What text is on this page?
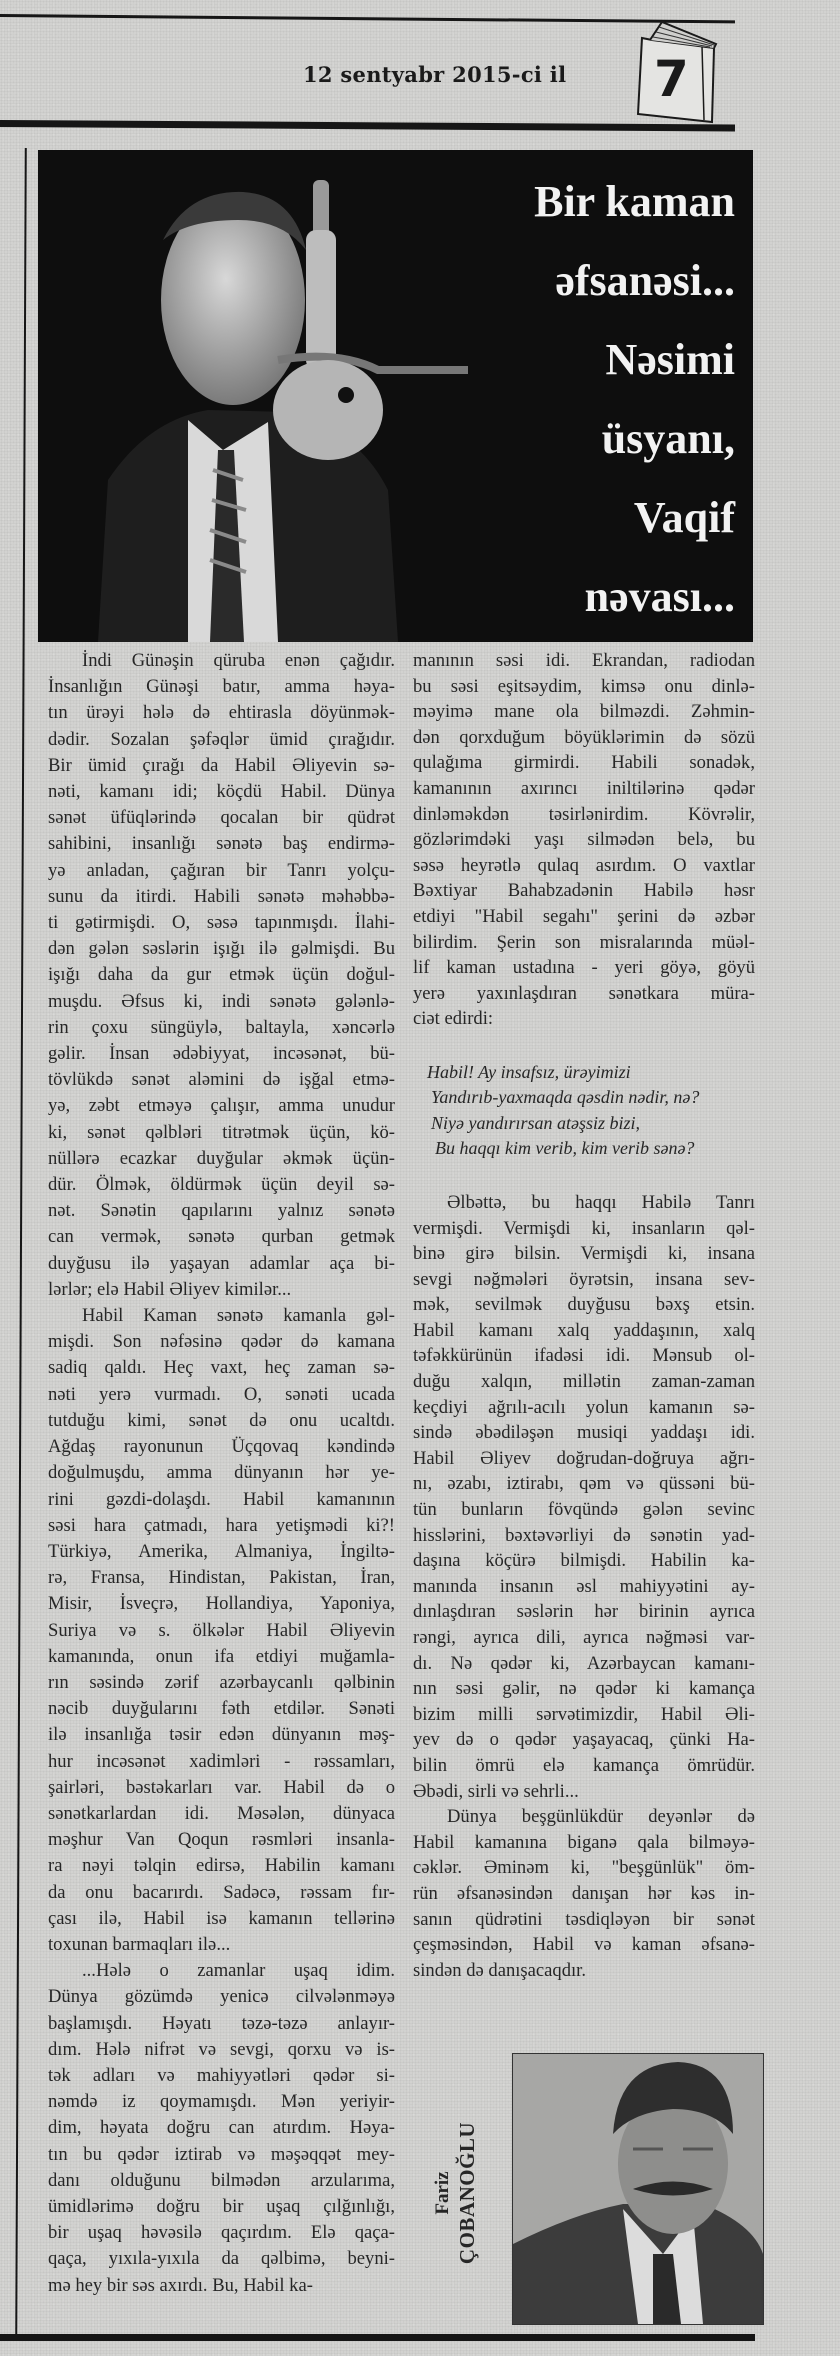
12 sentyabr 2015-ci il 7
Bir kaman
əfsanəsi...
Nəsimi
üsyanı,
Vaqif
nəvası...
İndi Günəşin qüruba enən çağıdır.
İnsanlığın Günəşi batır, amma həya-
tın ürəyi hələ də ehtirasla döyünmək-
dədir. Sozalan şəfəqlər ümid çırağıdır.
Bir ümid çırağı da Habil Əliyevin sə-
nəti, kamanı idi; köçdü Habil. Dünya
sənət üfüqlərində qocalan bir qüdrət
sahibini, insanlığı sənətə baş endirmə-
yə anladan, çağıran bir Tanrı yolçu-
sunu da itirdi. Habili sənətə məhəbbə-
ti gətirmişdi. O, səsə tapınmışdı. İlahi-
dən gələn səslərin işığı ilə gəlmişdi. Bu
işığı daha da gur etmək üçün doğul-
muşdu. Əfsus ki, indi sənətə gələnlə-
rin çoxu süngüylə, baltayla, xəncərlə
gəlir. İnsan ədəbiyyat, incəsənət, bü-
tövlükdə sənət aləmini də işğal etmə-
yə, zəbt etməyə çalışır, amma unudur
ki, sənət qəlbləri titrətmək üçün, kö-
nüllərə ecazkar duyğular əkmək üçün-
dür. Ölmək, öldürmək üçün deyil sə-
nət. Sənətin qapılarını yalnız sənətə
can vermək, sənətə qurban getmək
duyğusu ilə yaşayan adamlar aça bi-
lərlər; elə Habil Əliyev kimilər...
Habil Kaman sənətə kamanla gəl-
mişdi. Son nəfəsinə qədər də kamana
sadiq qaldı. Heç vaxt, heç zaman sə-
nəti yerə vurmadı. O, sənəti ucada
tutduğu kimi, sənət də onu ucaltdı.
Ağdaş rayonunun Üçqovaq kəndində
doğulmuşdu, amma dünyanın hər ye-
rini gəzdi-dolaşdı. Habil kamanının
səsi hara çatmadı, hara yetişmədi ki?!
Türkiyə, Amerika, Almaniya, İngiltə-
rə, Fransa, Hindistan, Pakistan, İran,
Misir, İsveçrə, Hollandiya, Yaponiya,
Suriya və s. ölkələr Habil Əliyevin
kamanında, onun ifa etdiyi muğamla-
rın səsində zərif azərbaycanlı qəlbinin
nəcib duyğularını fəth etdilər. Sənəti
ilə insanlığa təsir edən dünyanın məş-
hur incəsənət xadimləri - rəssamları,
şairləri, bəstəkarları var. Habil də o
sənətkarlardan idi. Məsələn, dünyaca
məşhur Van Qoqun rəsmləri insanla-
ra nəyi təlqin edirsə, Habilin kamanı
da onu bacarırdı. Sadəcə, rəssam fır-
çası ilə, Habil isə kamanın tellərinə
toxunan barmaqları ilə...
...Hələ o zamanlar uşaq idim.
Dünya gözümdə yenicə cilvələnməyə
başlamışdı. Həyatı təzə-təzə anlayır-
dım. Hələ nifrət və sevgi, qorxu və is-
tək adları və mahiyyətləri qədər si-
nəmdə iz qoymamışdı. Mən yeriyir-
dim, həyata doğru can atırdım. Həya-
tın bu qədər iztirab və məşəqqət mey-
danı olduğunu bilmədən arzularıma,
ümidlərimə doğru bir uşaq çılğınlığı,
bir uşaq həvəsilə qaçırdım. Elə qaça-
qaça, yıxıla-yıxıla da qəlbimə, beyni-
mə hey bir səs axırdı. Bu, Habil ka-
manının səsi idi. Ekrandan, radiodan
bu səsi eşitsəydim, kimsə onu dinlə-
məyimə mane ola bilməzdi. Zəhmin-
dən qorxduğum böyüklərimin də sözü
qulağıma girmirdi. Habili sonadək,
kamanının axırıncı iniltilərinə qədər
dinləməkdən təsirlənirdim. Kövrəlir,
gözlərimdəki yaşı silmədən belə, bu
səsə heyrətlə qulaq asırdım. O vaxtlar
Bəxtiyar Bahabzadənin Habilə həsr
etdiyi "Habil segahı" şerini də əzbər
bilirdim. Şerin son misralarında müəl-
lif kaman ustadına - yeri göyə, göyü
yerə yaxınlaşdıran sənətkara müra-
ciət edirdi:
Habil! Ay insafsız, ürəyimizi
Yandırıb-yaxmaqda qəsdin nədir, nə?
Niyə yandırırsan atəşsiz bizi,
Bu haqqı kim verib, kim verib sənə?
Əlbəttə, bu haqqı Habilə Tanrı
vermişdi. Vermişdi ki, insanların qəl-
binə girə bilsin. Vermişdi ki, insana
sevgi nəğmələri öyrətsin, insana sev-
mək, sevilmək duyğusu bəxş etsin.
Habil kamanı xalq yaddaşının, xalq
təfəkkürünün ifadəsi idi. Mənsub ol-
duğu xalqın, millətin zaman-zaman
keçdiyi ağrılı-acılı yolun kamanın sə-
sində əbədiləşən musiqi yaddaşı idi.
Habil Əliyev doğrudan-doğruya ağrı-
nı, əzabı, iztirabı, qəm və qüssəni bü-
tün bunların fövqündə gələn sevinc
hisslərini, bəxtəvərliyi də sənətin yad-
daşına köçürə bilmişdi. Habilin ka-
manında insanın əsl mahiyyətini ay-
dınlaşdıran səslərin hər birinin ayrıca
rəngi, ayrıca dili, ayrıca nəğməsi var-
dı. Nə qədər ki, Azərbaycan kamanı-
nın səsi gəlir, nə qədər ki kamança
bizim milli sərvətimizdir, Habil Əli-
yev də o qədər yaşayacaq, çünki Ha-
bilin ömrü elə kamança ömrüdür.
Əbədi, sirli və sehrli...
Dünya beşgünlükdür deyənlər də
Habil kamanına biganə qala bilməyə-
cəklər. Əminəm ki, "beşgünlük" öm-
rün əfsanəsindən danışan hər kəs in-
sanın qüdrətini təsdiqləyən bir sənət
çeşməsindən, Habil və kaman əfsanə-
sindən də danışacaqdır.
Fariz ÇOBANOĞLU
